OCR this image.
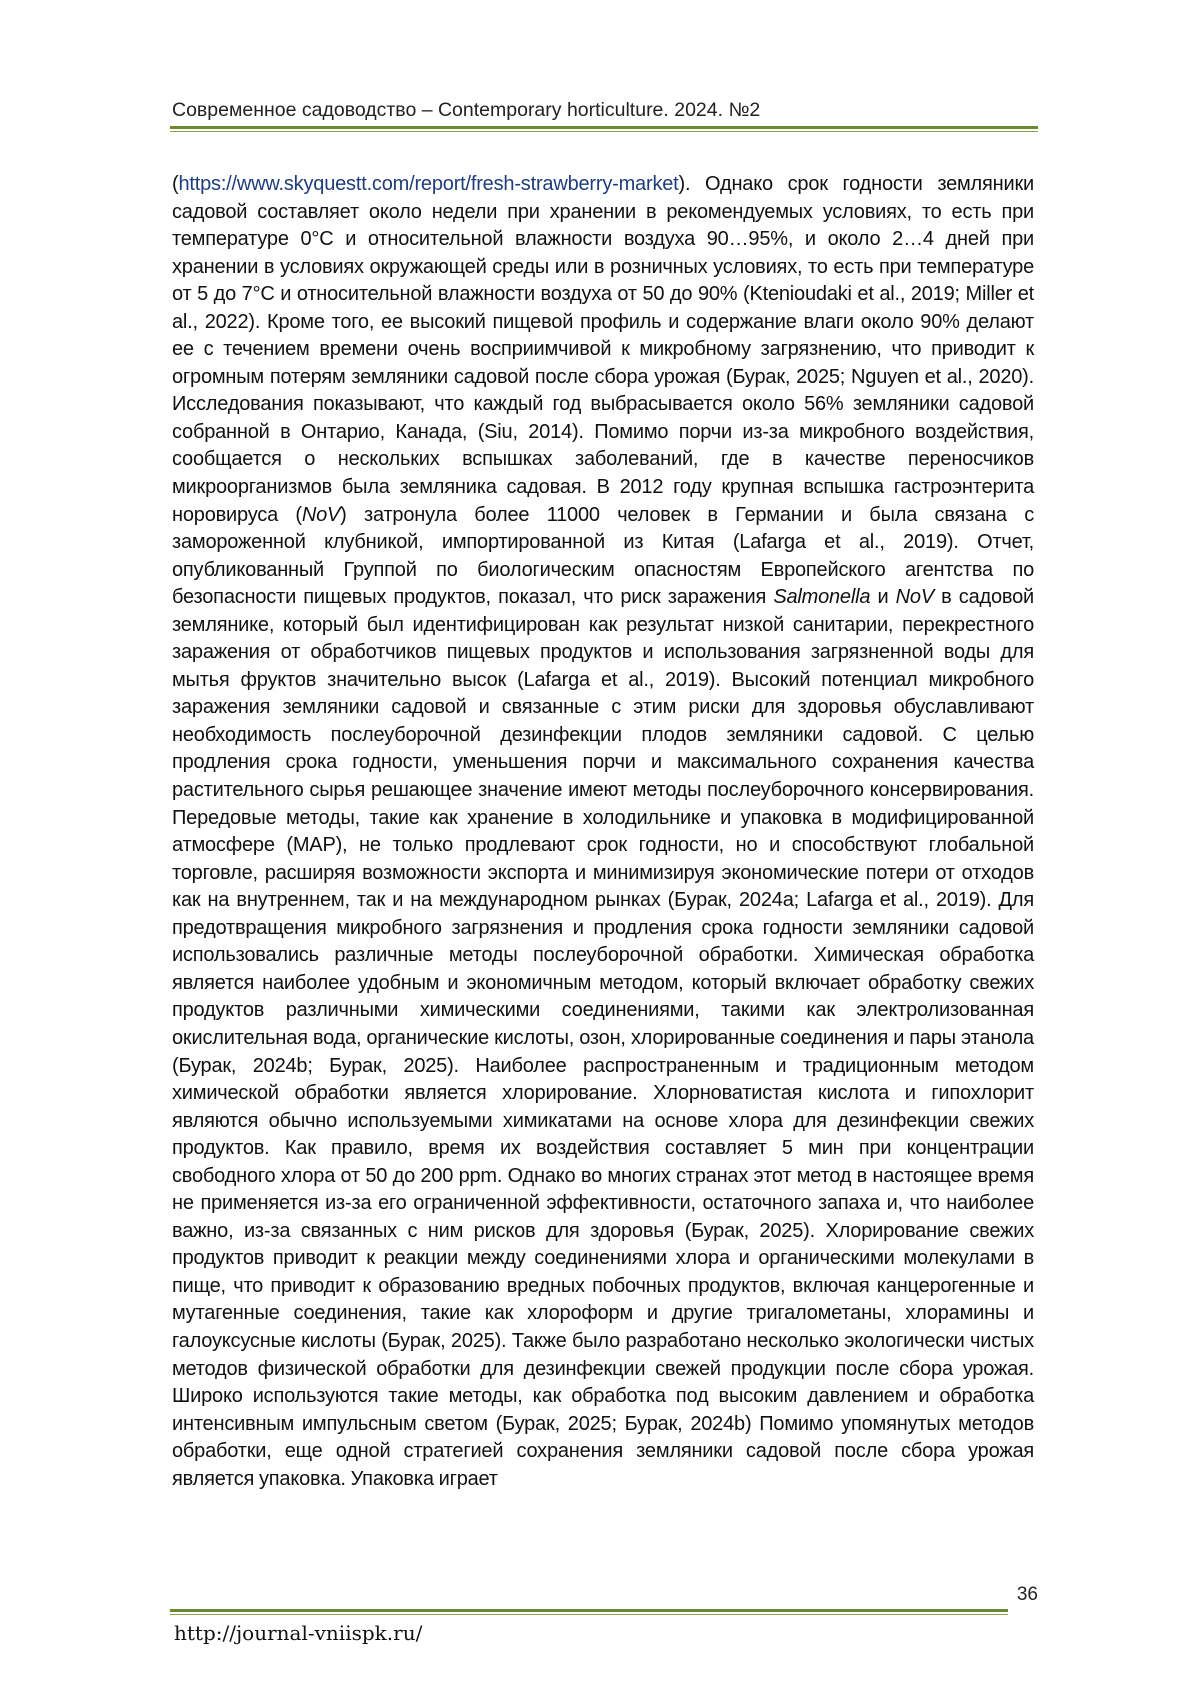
Современное садоводство – Contemporary horticulture. 2024. №2

(https://www.skyquestt.com/report/fresh-strawberry-market). Однако срок годности земляники садовой составляет около недели при хранении в рекомендуемых условиях, то есть при температуре 0°C и относительной влажности воздуха 90…95%, и около 2…4 дней при хранении в условиях окружающей среды или в розничных условиях, то есть при температуре от 5 до 7°C и относительной влажности воздуха от 50 до 90% (Kteniоudaki et al., 2019; Miller et al., 2022). Кроме того, ее высокий пищевой профиль и содержание влаги около 90% делают ее с течением времени очень восприимчивой к микробному загрязнению, что приводит к огромным потерям земляники садовой после сбора урожая (Бурак, 2025; Nguyen et al., 2020). Исследования показывают, что каждый год выбрасывается около 56% земляники садовой собранной в Онтарио, Канада, (Siu, 2014). Помимо порчи из-за микробного воздействия, сообщается о нескольких вспышках заболеваний, где в качестве переносчиков микроорганизмов была земляника садовая. В 2012 году крупная вспышка гастроэнтерита норовируса (NoV) затронула более 11000 человек в Германии и была связана с замороженной клубникой, импортированной из Китая (Lafarga et al., 2019). Отчет, опубликованный Группой по биологическим опасностям Европейского агентства по безопасности пищевых продуктов, показал, что риск заражения Salmonella и NoV в садовой землянике, который был идентифицирован как результат низкой санитарии, перекрестного заражения от обработчиков пищевых продуктов и использования загрязненной воды для мытья фруктов значительно высок (Lafarga et al., 2019). Высокий потенциал микробного заражения земляники садовой и связанные с этим риски для здоровья обуславливают необходимость послеуборочной дезинфекции плодов земляники садовой. С целью продления срока годности, уменьшения порчи и максимального сохранения качества растительного сырья решающее значение имеют методы послеуборочного консервирования. Передовые методы, такие как хранение в холодильнике и упаковка в модифицированной атмосфере (MAP), не только продлевают срок годности, но и способствуют глобальной торговле, расширяя возможности экспорта и минимизируя экономические потери от отходов как на внутреннем, так и на международном рынках (Бурак, 2024a; Lafarga et al., 2019). Для предотвращения микробного загрязнения и продления срока годности земляники садовой использовались различные методы послеуборочной обработки. Химическая обработка является наиболее удобным и экономичным методом, который включает обработку свежих продуктов различными химическими соединениями, такими как электролизованная окислительная вода, органические кислоты, озон, хлорированные соединения и пары этанола (Бурак, 2024b; Бурак, 2025). Наиболее распространенным и традиционным методом химической обработки является хлорирование. Хлорноватистая кислота и гипохлорит являются обычно используемыми химикатами на основе хлора для дезинфекции свежих продуктов. Как правило, время их воздействия составляет 5 мин при концентрации свободного хлора от 50 до 200 ppm. Однако во многих странах этот метод в настоящее время не применяется из-за его ограниченной эффективности, остаточного запаха и, что наиболее важно, из-за связанных с ним рисков для здоровья (Бурак, 2025). Хлорирование свежих продуктов приводит к реакции между соединениями хлора и органическими молекулами в пище, что приводит к образованию вредных побочных продуктов, включая канцерогенные и мутагенные соединения, такие как хлороформ и другие тригалометаны, хлорамины и галоуксусные кислоты (Бурак, 2025). Также было разработано несколько экологически чистых методов физической обработки для дезинфекции свежей продукции после сбора урожая. Широко используются такие методы, как обработка под высоким давлением и обработка интенсивным импульсным светом (Бурак, 2025; Бурак, 2024b) Помимо упомянутых методов обработки, еще одной стратегией сохранения земляники садовой после сбора урожая является упаковка. Упаковка играет

36
http://journal-vniispk.ru/
